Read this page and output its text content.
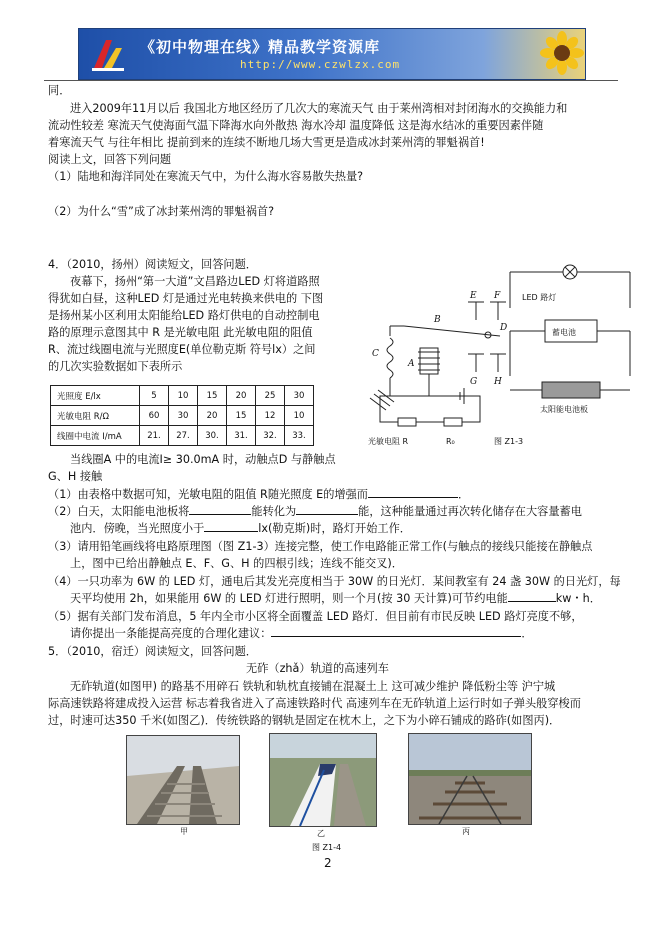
《初中物理在线》精品教学资源库
http://www.czwlzx.com
同．
进入2009年11月以后 我国北方地区经历了几次大的寒流天气 由于莱州湾相对封闭海水的交换能力和
流动性较差 寒流天气使海面气温下降海水向外散热 海水冷却 温度降低 这是海水结冰的重要因素伴随
着寒流天气 与往年相比 提前到来的连续不断地几场大雪更是造成冰封莱州湾的罪魁祸首!
阅读上文，回答下列问题
（1）陆地和海洋同处在寒流天气中，为什么海水容易散失热量?
（2）为什么“雪”成了冰封莱州湾的罪魁祸首?
4．（2010，扬州）阅读短文，回答问题．
夜幕下，扬州“第一大道”文昌路边LED 灯将道路照
得犹如白昼，这种LED 灯是通过光电转换来供电的 下图
是扬州某小区利用太阳能给LED 路灯供电的自动控制电
路的原理示意图其中 R 是光敏电阻 此光敏电阻的阻值
R、流过线圈电流与光照度E(单位勒克斯 符号lx）之间
的几次实验数据如下表所示
光照度 E/lx	5	10	15	20	25	30
光敏电阻 R/Ω	60	30	20	15	12	10
线圈中电流 I/mA	21.	27.	30.	31.	32.	33.
LED 路灯
蓄电池
太阳能电池板
光敏电阻 R	R₀	图 Z1-3
E F
B
D
C
A
G H
当线圈A 中的电流I≥ 30.0mA 时，动触点D 与静触点
G、H 接触
（1）由表格中数据可知，光敏电阻的阻值 R随光照度 E的增强而	．
（2）白天，太阳能电池板将	能转化为	能，这种能量通过再次转化储存在大容量蓄电
池内．傍晚，当光照度小于	lx(勒克斯)时，路灯开始工作．
（3）请用铅笔画线将电路原理图（图 Z1-3）连接完整，使工作电路能正常工作(与触点的接线只能接在静触点
上，图中已给出静触点 E、F、G、H 的四根引线；连线不能交叉)．
（4）一只功率为 6W 的 LED 灯，通电后其发光亮度相当于 30W 的日光灯．某间教室有 24 盏 30W 的日光灯，每
天平均使用 2h，如果能用 6W 的 LED 灯进行照明，则一个月(按 30 天计算)可节约电能	kw・h．
（5）据有关部门发布消息，5 年内全市小区将全面覆盖 LED 路灯．但目前有市民反映 LED 路灯亮度不够，
请你提出一条能提高亮度的合理化建议：	．
5．（2010，宿迁）阅读短文，回答问题．
无砟（zhǎ）轨道的高速列车
无砟轨道(如图甲) 的路基不用碎石 铁轨和轨枕直接铺在混凝土上 这可减少维护 降低粉尘等 沪宁城
际高速铁路将建成投入运营 标志着我省进入了高速铁路时代 高速列车在无砟轨道上运行时如子弹头般穿梭而
过，时速可达350 千米(如图乙)．传统铁路的钢轨是固定在枕木上，之下为小碎石铺成的路砟(如图丙)．
甲	乙	丙
图 Z1-4
2
